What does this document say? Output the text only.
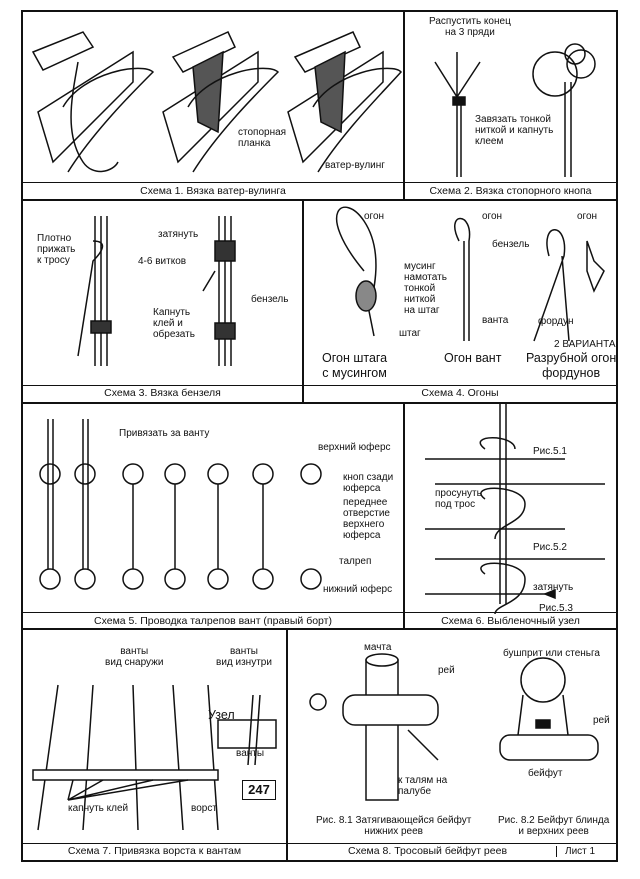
стопорная
планка
ватер-вулинг
Схема 1. Вязка ватер-вулинга
Распустить конец
на 3 пряди
Завязать тонкой
ниткой и капнуть
клеем
Схема 2. Вязка стопорного кнопа
Плотно
прижать
к тросу
затянуть
4-6 витков
бензель
Капнуть
клей и
обрезать
Схема 3. Вязка бензеля
огон
мусинг
намотать
тонкой
ниткой
на штаг
штаг
огон
бензель
ванта
огон
фордун
2 ВАРИАНТА
Огон штага
с мусингом
Огон вант Разрубной огон
фордунов
Схема 4. Огоны
Привязать за ванту
верхний юферс
кноп сзади
юферса
переднее
отверстие
верхнего
юферса
талреп
нижний юферс
Схема 5. Проводка талрепов вант (правый борт)
Рис.5.1
просунуть
под трос
Рис.5.2
затянуть
Рис.5.3
Схема 6. Выбленочный узел
ванты
вид снаружи
ванты
вид изнутри
Узел
ванты
капнуть клей	ворст
247
Схема 7. Привязка ворста к вантам
мачта
рей
к талям на
палубе
Рис. 8.1 Затягивающейся бейфут
нижних реев
бушприт или стеньга
рей
бейфут
Рис. 8.2 Бейфут блинда
и верхних реев
Схема 8. Тросовый бейфут реев	Лист 1
